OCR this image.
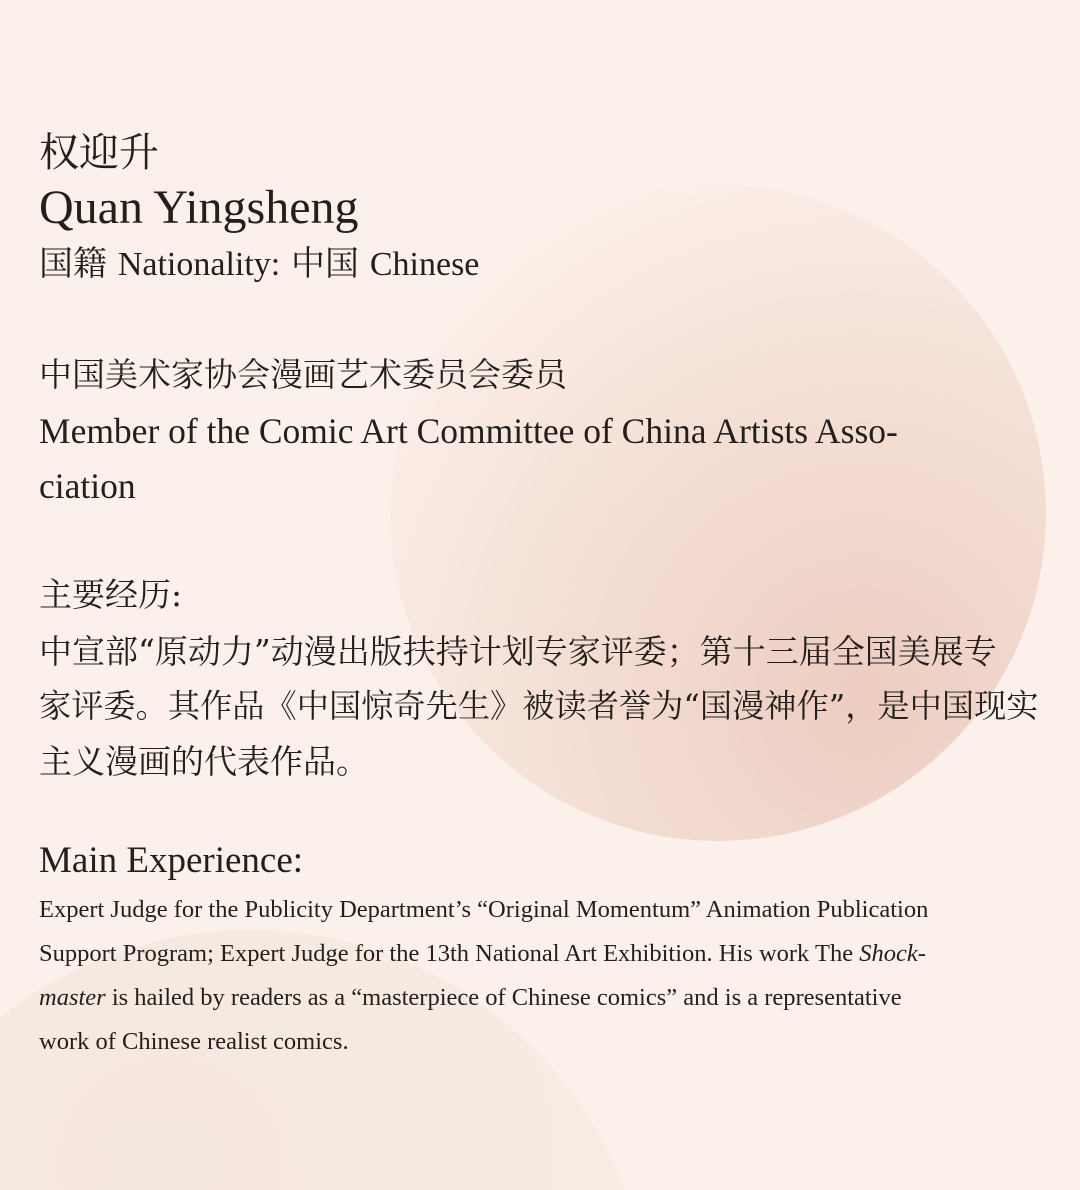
权迎升
Quan Yingsheng
国籍 Nationality: 中国 Chinese
中国美术家协会漫画艺术委员会委员
Member of the Comic Art Committee of China Artists Asso-
ciation
主要经历:
中宣部“原动力”动漫出版扶持计划专家评委；第十三届全国美展专
家评委。其作品《中国惊奇先生》被读者誉为“国漫神作”，是中国现实
主义漫画的代表作品。
Main Experience:
Expert Judge for the Publicity Department’s “Original Momentum” Animation Publication
Support Program; Expert Judge for the 13th National Art Exhibition. His work The Shock-
master is hailed by readers as a “masterpiece of Chinese comics” and is a representative
work of Chinese realist comics.
